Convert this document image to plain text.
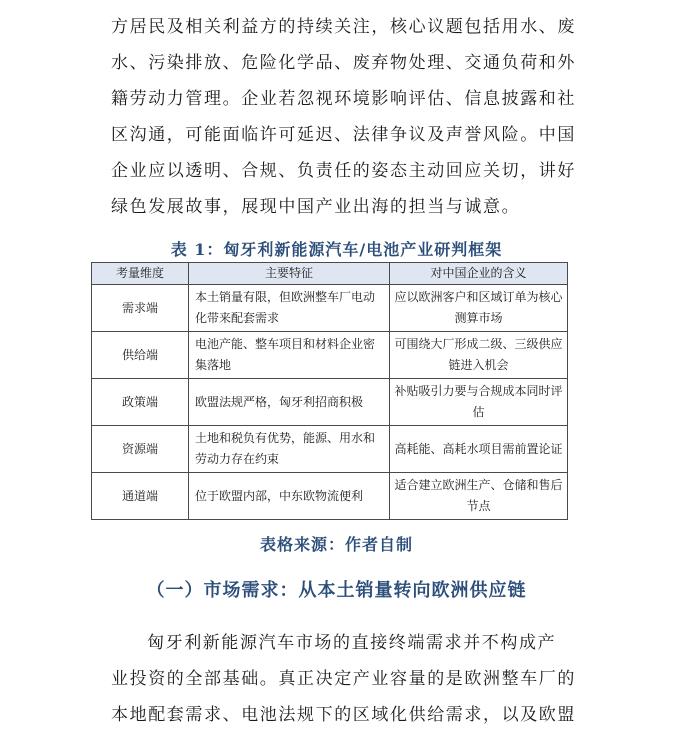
方居民及相关利益方的持续关注，核心议题包括用水、废
水、污染排放、危险化学品、废弃物处理、交通负荷和外
籍劳动力管理。企业若忽视环境影响评估、信息披露和社
区沟通，可能面临许可延迟、法律争议及声誉风险。中国
企业应以透明、合规、负责任的姿态主动回应关切，讲好
绿色发展故事，展现中国产业出海的担当与诚意。

表 1：匈牙利新能源汽车/电池产业研判框架

考量维度	主要特征	对中国企业的含义
需求端	本土销量有限，但欧洲整车厂电动化带来配套需求	应以欧洲客户和区域订单为核心测算市场
供给端	电池产能、整车项目和材料企业密集落地	可围绕大厂形成二级、三级供应链进入机会
政策端	欧盟法规严格，匈牙利招商积极	补贴吸引力要与合规成本同时评估
资源端	土地和税负有优势，能源、用水和劳动力存在约束	高耗能、高耗水项目需前置论证
通道端	位于欧盟内部，中东欧物流便利	适合建立欧洲生产、仓储和售后节点

表格来源：作者自制

（一）市场需求：从本土销量转向欧洲供应链

匈牙利新能源汽车市场的直接终端需求并不构成产
业投资的全部基础。真正决定产业容量的是欧洲整车厂的
本地配套需求、电池法规下的区域化供给需求，以及欧盟
